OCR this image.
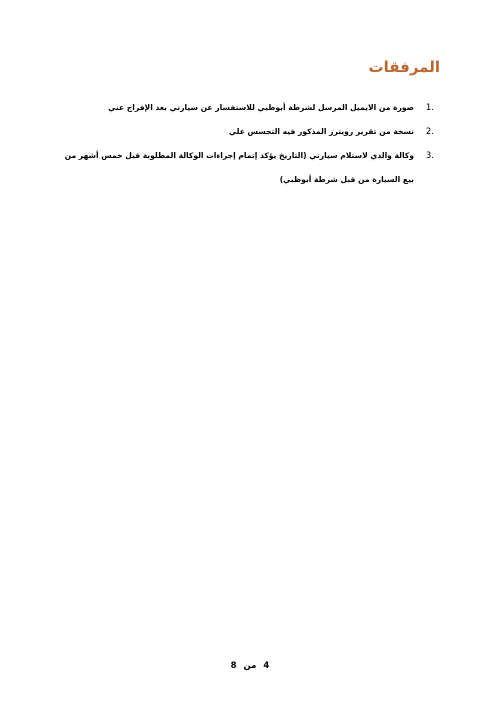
المرفقات
1.
صورة من الايميل المرسل لشرطة أبوظبي للاستفسار عن سيارتي بعد الإفراج عني
2.
نسخة من تقرير رويترز المذكور فيه التجسس علي
3.
وكالة والدي لاستلام سيارتي (التاريخ يؤكد إتمام إجراءات الوكالة المطلوبة قبل خمس أشهر من بيع السيارة من قبل شرطة أبوظبي)
4 من 8
